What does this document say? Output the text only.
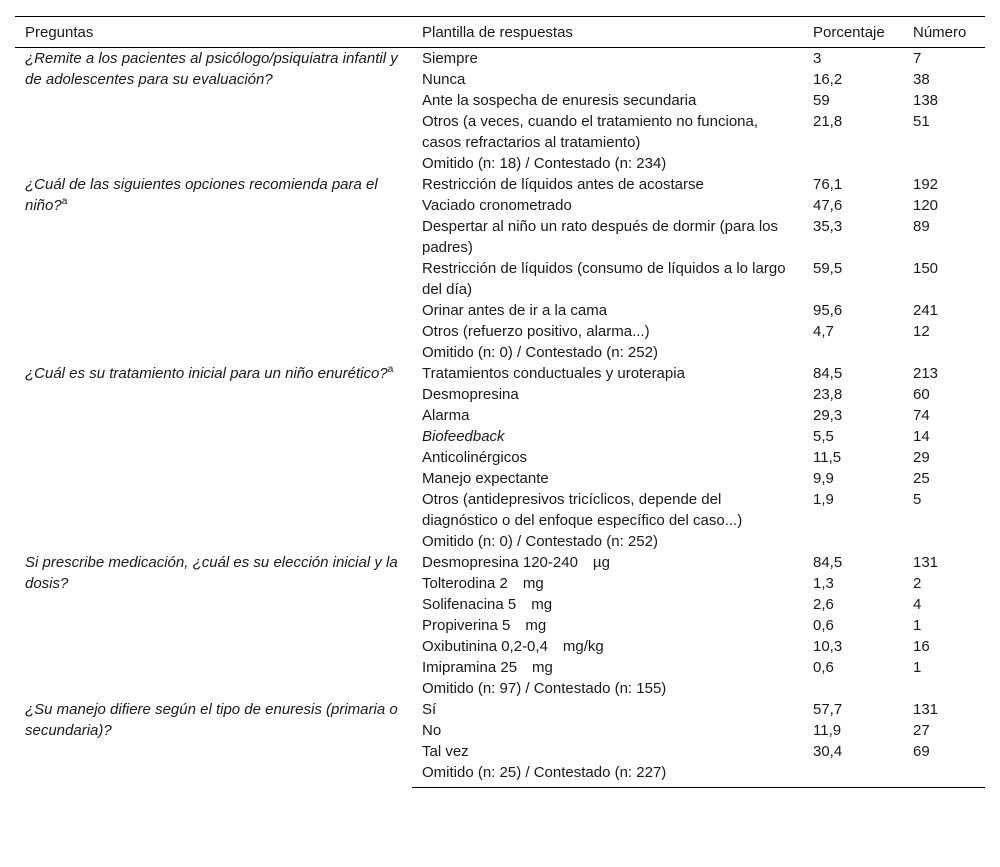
Preguntas	Plantilla de respuestas	Porcentaje	Número
¿Remite a los pacientes al psicólogo/psiquiatra infantil y de adolescentes para su evaluación?	Siempre	3	7
	Nunca	16,2	38
	Ante la sospecha de enuresis secundaria	59	138
	Otros (a veces, cuando el tratamiento no funciona, casos refractarios al tratamiento)	21,8	51
	Omitido (n: 18) / Contestado (n: 234)		
¿Cuál de las siguientes opciones recomienda para el niño?$^a$	Restricción de líquidos antes de acostarse	76,1	192
	Vaciado cronometrado	47,6	120
	Despertar al niño un rato después de dormir (para los padres)	35,3	89
	Restricción de líquidos (consumo de líquidos a lo largo del día)	59,5	150
	Orinar antes de ir a la cama	95,6	241
	Otros (refuerzo positivo, alarma...)	4,7	12
	Omitido (n: 0) / Contestado (n: 252)		
¿Cuál es su tratamiento inicial para un niño enurético?$^a$	Tratamientos conductuales y uroterapia	84,5	213
	Desmopresina	23,8	60
	Alarma	29,3	74
	Biofeedback	5,5	14
	Anticolinérgicos	11,5	29
	Manejo expectante	9,9	25
	Otros (antidepresivos tricíclicos, depende del diagnóstico o del enfoque específico del caso...)	1,9	5
	Omitido (n: 0) / Contestado (n: 252)		
Si prescribe medicación, ¿cuál es su elección inicial y la dosis?	Desmopresina 120-240 µg	84,5	131
	Tolterodina 2 mg	1,3	2
	Solifenacina 5 mg	2,6	4
	Propiverina 5 mg	0,6	1
	Oxibutinina 0,2-0,4 mg/kg	10,3	16
	Imipramina 25 mg	0,6	1
	Omitido (n: 97) / Contestado (n: 155)		
¿Su manejo difiere según el tipo de enuresis (primaria o secundaria)?	Sí	57,7	131
	No	11,9	27
	Tal vez	30,4	69
	Omitido (n: 25) / Contestado (n: 227)		
